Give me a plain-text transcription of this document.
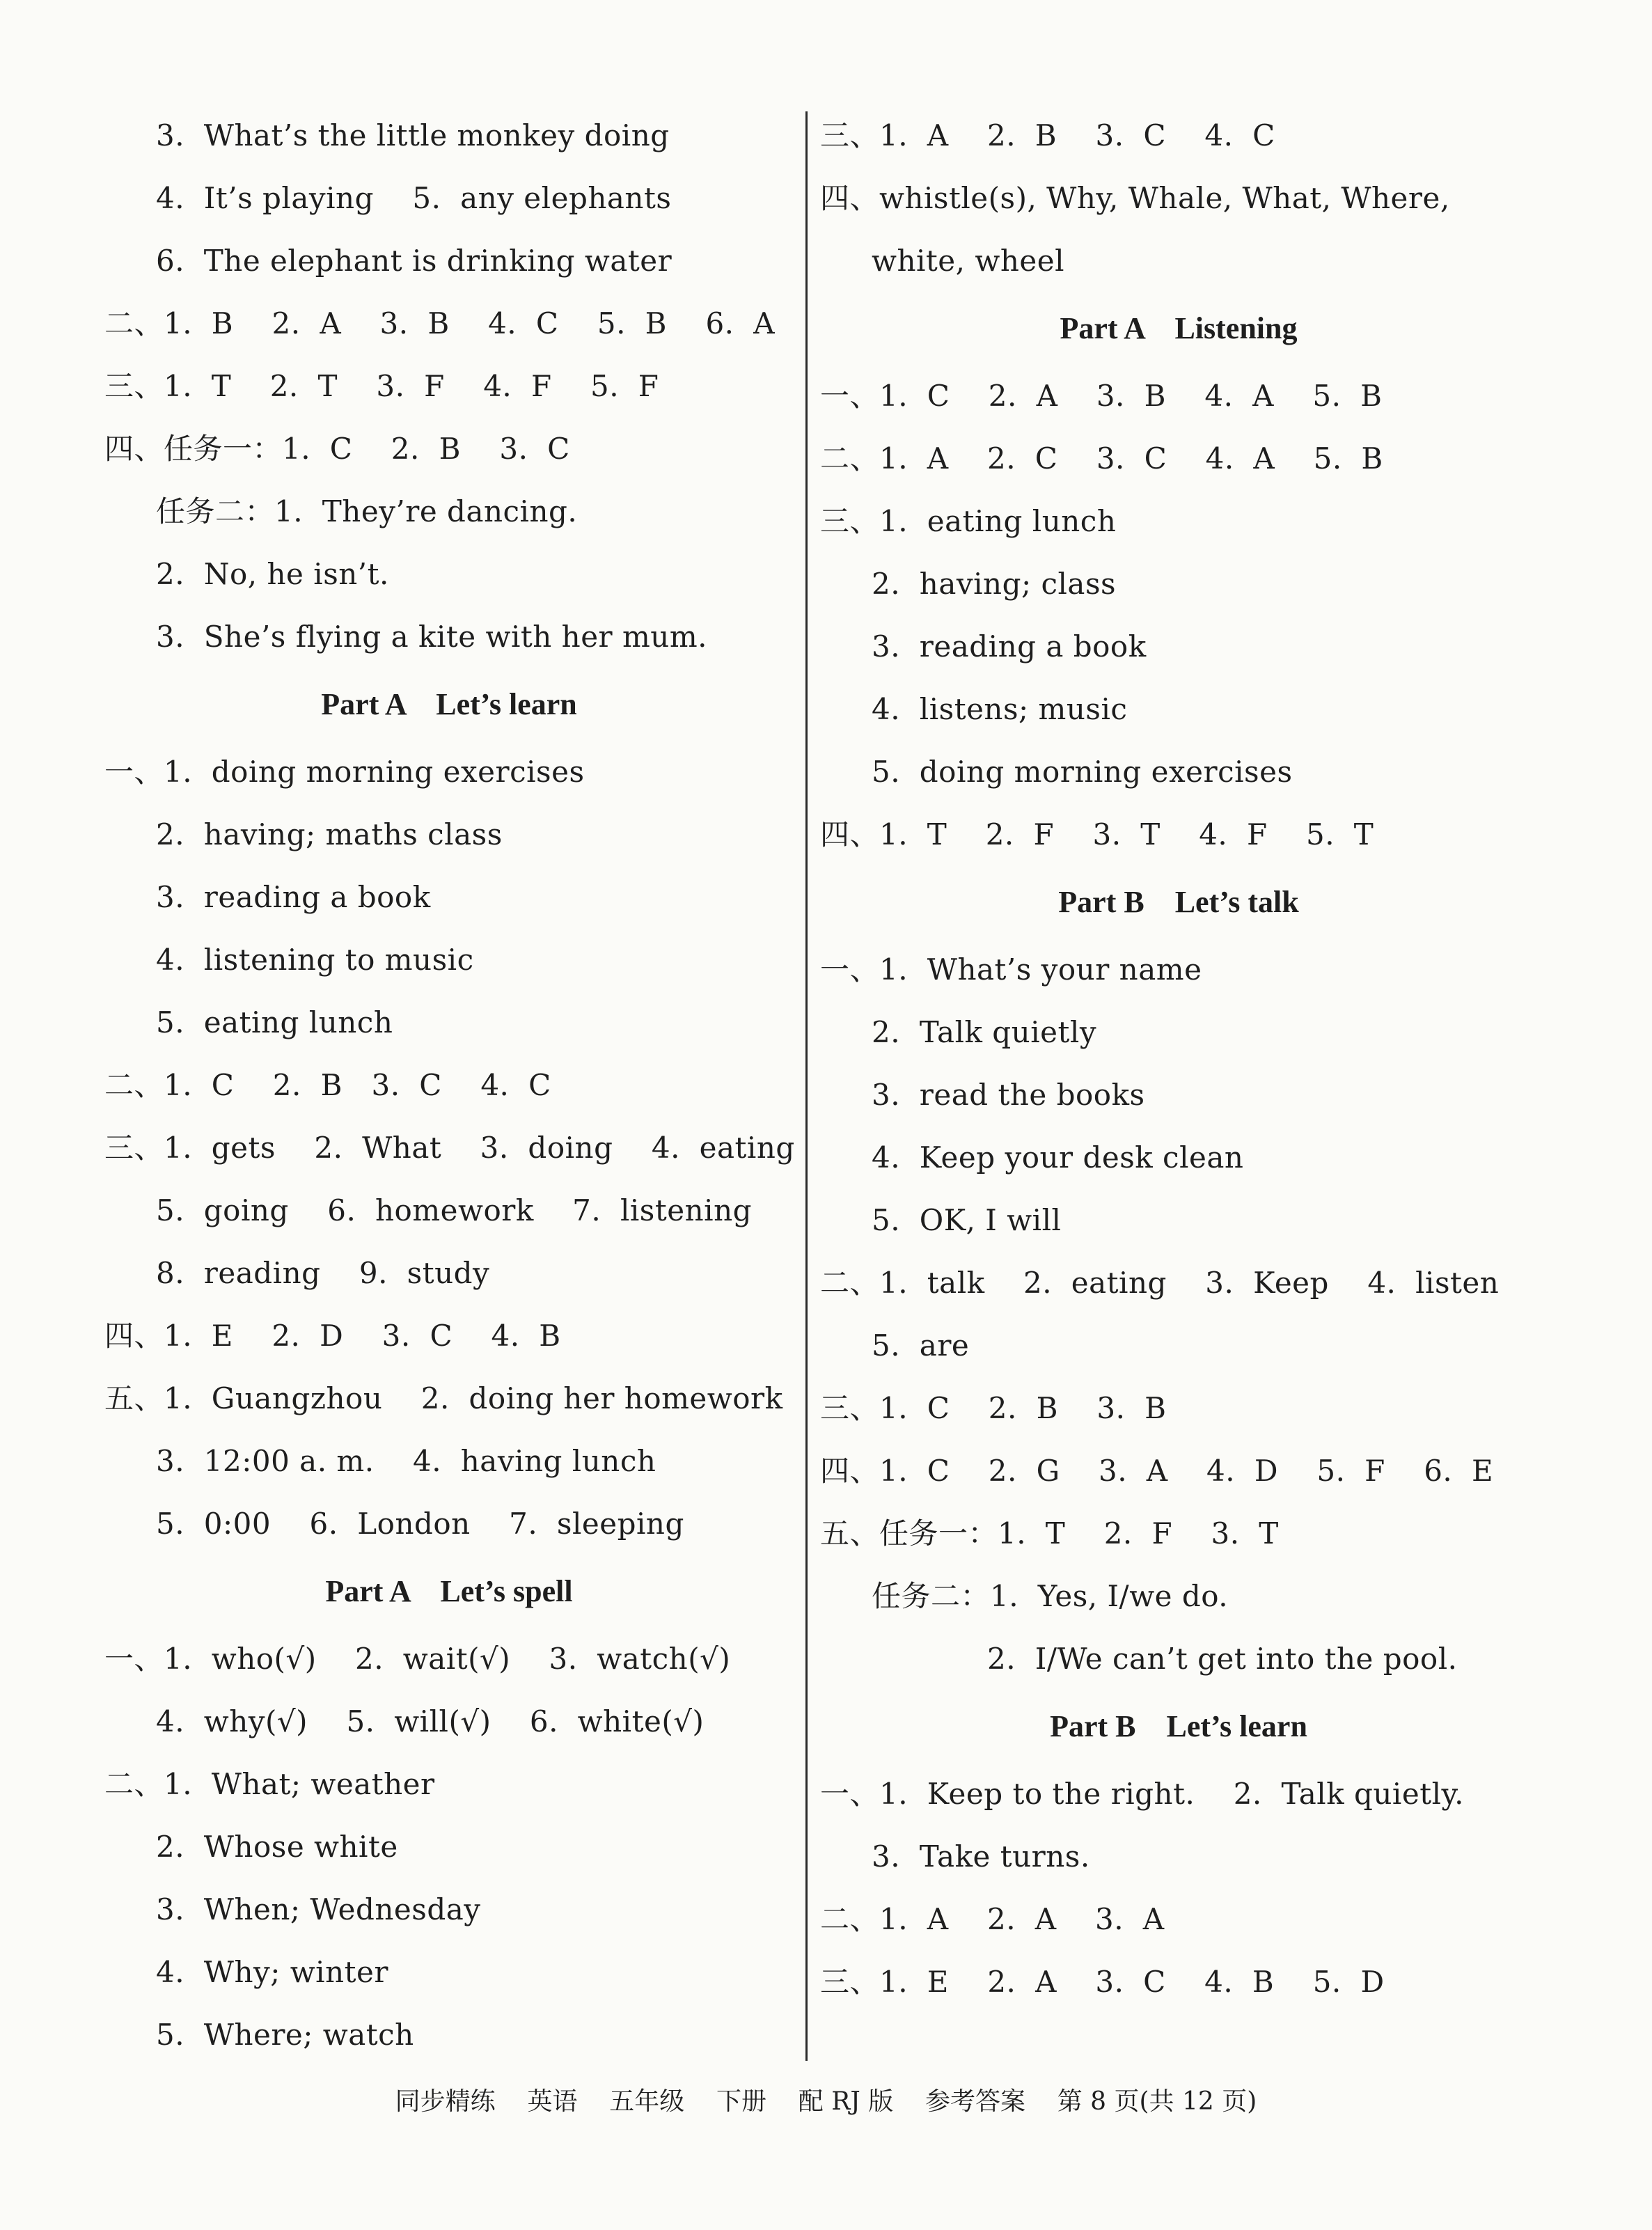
3.  What’s the little monkey doing
4.  It’s playing    5.  any elephants
6.  The elephant is drinking water
二、1.  B    2.  A    3.  B    4.  C    5.  B    6.  A
三、1.  T    2.  T    3.  F    4.  F    5.  F
四、任务一：1.  C    2.  B    3.  C
任务二：1.  They’re dancing.
2.  No, he isn’t.
3.  She’s flying a kite with her mum.
Part A    Let’s learn
一、1.  doing morning exercises
2.  having; maths class
3.  reading a book
4.  listening to music
5.  eating lunch
二、1.  C    2.  B   3.  C    4.  C
三、1.  gets    2.  What    3.  doing    4.  eating
5.  going    6.  homework    7.  listening
8.  reading    9.  study
四、1.  E    2.  D    3.  C    4.  B
五、1.  Guangzhou    2.  doing her homework
3.  12:00 a. m.    4.  having lunch
5.  0:00    6.  London    7.  sleeping
Part A    Let’s spell
一、1.  who(√)    2.  wait(√)    3.  watch(√)
4.  why(√)    5.  will(√)    6.  white(√)
二、1.  What; weather
2.  Whose white
3.  When; Wednesday
4.  Why; winter
5.  Where; watch
三、1.  A    2.  B    3.  C    4.  C
四、whistle(s), Why, Whale, What, Where,
white, wheel
Part A    Listening
一、1.  C    2.  A    3.  B    4.  A    5.  B
二、1.  A    2.  C    3.  C    4.  A    5.  B
三、1.  eating lunch
2.  having; class
3.  reading a book
4.  listens; music
5.  doing morning exercises
四、1.  T    2.  F    3.  T    4.  F    5.  T
Part B    Let’s talk
一、1.  What’s your name
2.  Talk quietly
3.  read the books
4.  Keep your desk clean
5.  OK, I will
二、1.  talk    2.  eating    3.  Keep    4.  listen
5.  are
三、1.  C    2.  B    3.  B
四、1.  C    2.  G    3.  A    4.  D    5.  F    6.  E
五、任务一：1.  T    2.  F    3.  T
任务二：1.  Yes, I/we do.
2.  I/We can’t get into the pool.
Part B    Let’s learn
一、1.  Keep to the right.    2.  Talk quietly.
3.  Take turns.
二、1.  A    2.  A    3.  A
三、1.  E    2.  A    3.  C    4.  B    5.  D
同步精练    英语    五年级    下册    配 RJ 版    参考答案    第 8 页(共 12 页)
